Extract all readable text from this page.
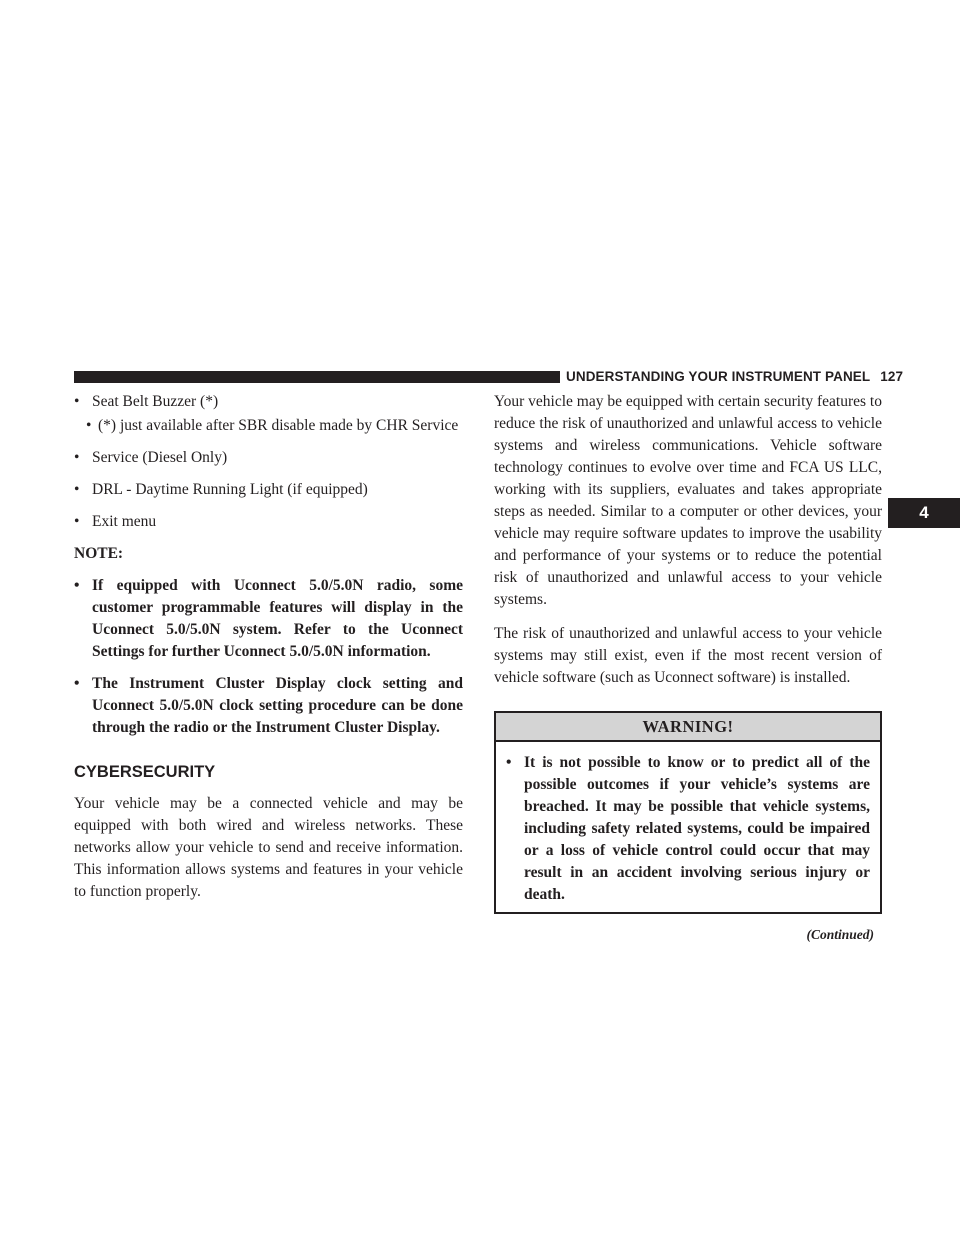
UNDERSTANDING YOUR INSTRUMENT PANEL 127
4
• Seat Belt Buzzer (*)
• (*) just available after SBR disable made by CHR Service
• Service (Diesel Only)
• DRL - Daytime Running Light (if equipped)
• Exit menu
NOTE:
• If equipped with Uconnect 5.0/5.0N radio, some customer programmable features will display in the Uconnect 5.0/5.0N system. Refer to the Uconnect Settings for further Uconnect 5.0/5.0N information.
• The Instrument Cluster Display clock setting and Uconnect 5.0/5.0N clock setting procedure can be done through the radio or the Instrument Cluster Display.
CYBERSECURITY

Your vehicle may be a connected vehicle and may be equipped with both wired and wireless networks. These networks allow your vehicle to send and receive information. This information allows systems and features in your vehicle to function properly.

Your vehicle may be equipped with certain security features to reduce the risk of unauthorized and unlawful access to vehicle systems and wireless communications. Vehicle software technology continues to evolve over time and FCA US LLC, working with its suppliers, evaluates and takes appropriate steps as needed. Similar to a computer or other devices, your vehicle may require software updates to improve the usability and performance of your systems or to reduce the potential risk of unauthorized and unlawful access to your vehicle systems.

The risk of unauthorized and unlawful access to your vehicle systems may still exist, even if the most recent version of vehicle software (such as Uconnect software) is installed.

WARNING!
• It is not possible to know or to predict all of the possible outcomes if your vehicle’s systems are breached. It may be possible that vehicle systems, including safety related systems, could be impaired or a loss of vehicle control could occur that may result in an accident involving serious injury or death.
(Continued)
